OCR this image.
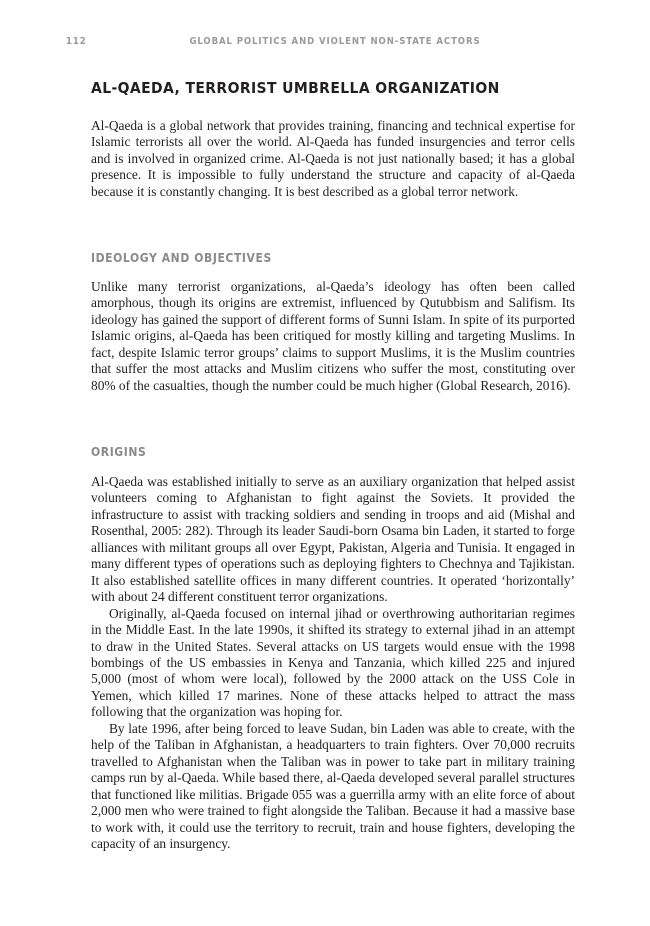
112	GLOBAL POLITICS AND VIOLENT NON-STATE ACTORS
AL-QAEDA, TERRORIST UMBRELLA ORGANIZATION

Al-Qaeda is a global network that provides training, financing and technical expertise for Islamic terrorists all over the world. Al-Qaeda has funded insurgencies and terror cells and is involved in organized crime. Al-Qaeda is not just nationally based; it has a global presence. It is impossible to fully understand the structure and capacity of al-Qaeda because it is constantly changing. It is best described as a global terror network.

IDEOLOGY AND OBJECTIVES

Unlike many terrorist organizations, al-Qaeda’s ideology has often been called amorphous, though its origins are extremist, influenced by Qutubbism and Salifism. Its ideology has gained the support of different forms of Sunni Islam. In spite of its purported Islamic origins, al-Qaeda has been critiqued for mostly killing and targeting Muslims. In fact, despite Islamic terror groups’ claims to support Muslims, it is the Muslim countries that suffer the most attacks and Muslim citizens who suffer the most, constituting over 80% of the casualties, though the number could be much higher (Global Research, 2016).

ORIGINS

Al-Qaeda was established initially to serve as an auxiliary organization that helped assist volunteers coming to Afghanistan to fight against the Soviets. It provided the infrastructure to assist with tracking soldiers and sending in troops and aid (Mishal and Rosenthal, 2005: 282). Through its leader Saudi-born Osama bin Laden, it started to forge alliances with militant groups all over Egypt, Pakistan, Algeria and Tunisia. It engaged in many different types of operations such as deploying fighters to Chechnya and Tajikistan. It also established satellite offices in many different countries. It operated ‘horizontally’ with about 24 different constituent terror organizations.

Originally, al-Qaeda focused on internal jihad or overthrowing authoritarian regimes in the Middle East. In the late 1990s, it shifted its strategy to external jihad in an attempt to draw in the United States. Several attacks on US targets would ensue with the 1998 bombings of the US embassies in Kenya and Tanzania, which killed 225 and injured 5,000 (most of whom were local), followed by the 2000 attack on the USS Cole in Yemen, which killed 17 marines. None of these attacks helped to attract the mass following that the organization was hoping for.

By late 1996, after being forced to leave Sudan, bin Laden was able to create, with the help of the Taliban in Afghanistan, a headquarters to train fighters. Over 70,000 recruits travelled to Afghanistan when the Taliban was in power to take part in military training camps run by al-Qaeda. While based there, al-Qaeda developed several parallel structures that functioned like militias. Brigade 055 was a guerrilla army with an elite force of about 2,000 men who were trained to fight alongside the Taliban. Because it had a massive base to work with, it could use the territory to recruit, train and house fighters, developing the capacity of an insurgency.
